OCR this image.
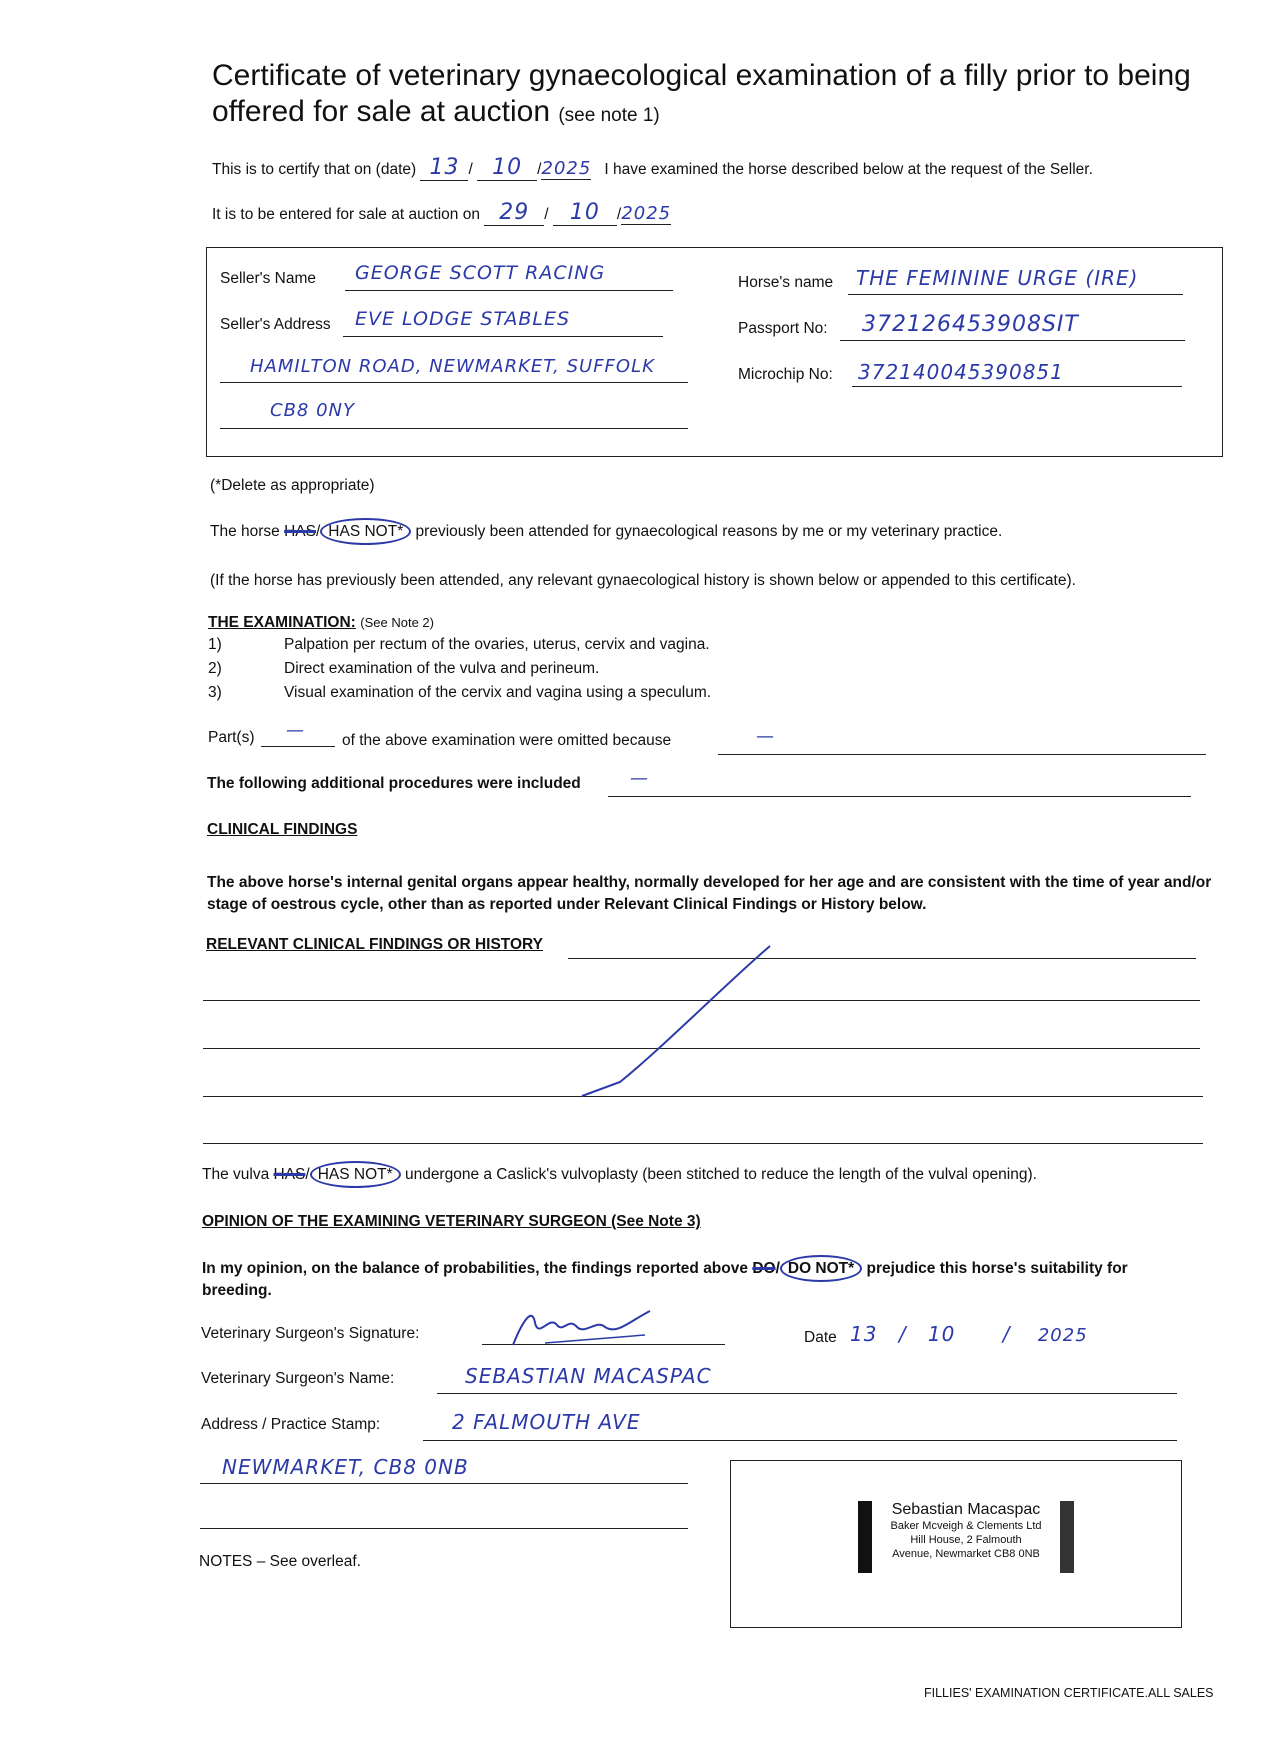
Certificate of veterinary gynaecological examination of a filly prior to being offered for sale at auction (see note 1)
This is to certify that on (date) 13 / 10 /2025 I have examined the horse described below at the request of the Seller.
It is to be entered for sale at auction on 29 / 10 /2025
Seller's Name GEORGE SCOTT RACING
Seller's Address EVE LODGE STABLES
HAMILTON ROAD, NEWMARKET, SUFFOLK
CB8 0NY
Horse's name THE FEMININE URGE (IRE)
Passport No: 372126453908SIT
Microchip No: 372140045390851
(*Delete as appropriate)
The horse HAS/ HAS NOT* previously been attended for gynaecological reasons by me or my veterinary practice.
(If the horse has previously been attended, any relevant gynaecological history is shown below or appended to this certificate).
THE EXAMINATION: (See Note 2)
1)	Palpation per rectum of the ovaries, uterus, cervix and vagina.
2)	Direct examination of the vulva and perineum.
3)	Visual examination of the cervix and vagina using a speculum.
Part(s) — of the above examination were omitted because	—
The following additional procedures were included	—
CLINICAL FINDINGS
The above horse's internal genital organs appear healthy, normally developed for her age and are consistent with the time of year and/or stage of oestrous cycle, other than as reported under Relevant Clinical Findings or History below.
RELEVANT CLINICAL FINDINGS OR HISTORY
The vulva HAS/ HAS NOT* undergone a Caslick's vulvoplasty (been stitched to reduce the length of the vulval opening).
OPINION OF THE EXAMINING VETERINARY SURGEON (See Note 3)
In my opinion, on the balance of probabilities, the findings reported above DO/ DO NOT* prejudice this horse's suitability for
breeding.
Veterinary Surgeon's Signature:	Date 13 / 10 / 2025
Veterinary Surgeon's Name:	SEBASTIAN MACASPAC
Address / Practice Stamp:	2 FALMOUTH AVE
NEWMARKET, CB8 0NB
NOTES – See overleaf.
Sebastian Macaspac
Baker Mcveigh & Clements Ltd
Hill House, 2 Falmouth
Avenue, Newmarket CB8 0NB
FILLIES' EXAMINATION CERTIFICATE.ALL SALES
